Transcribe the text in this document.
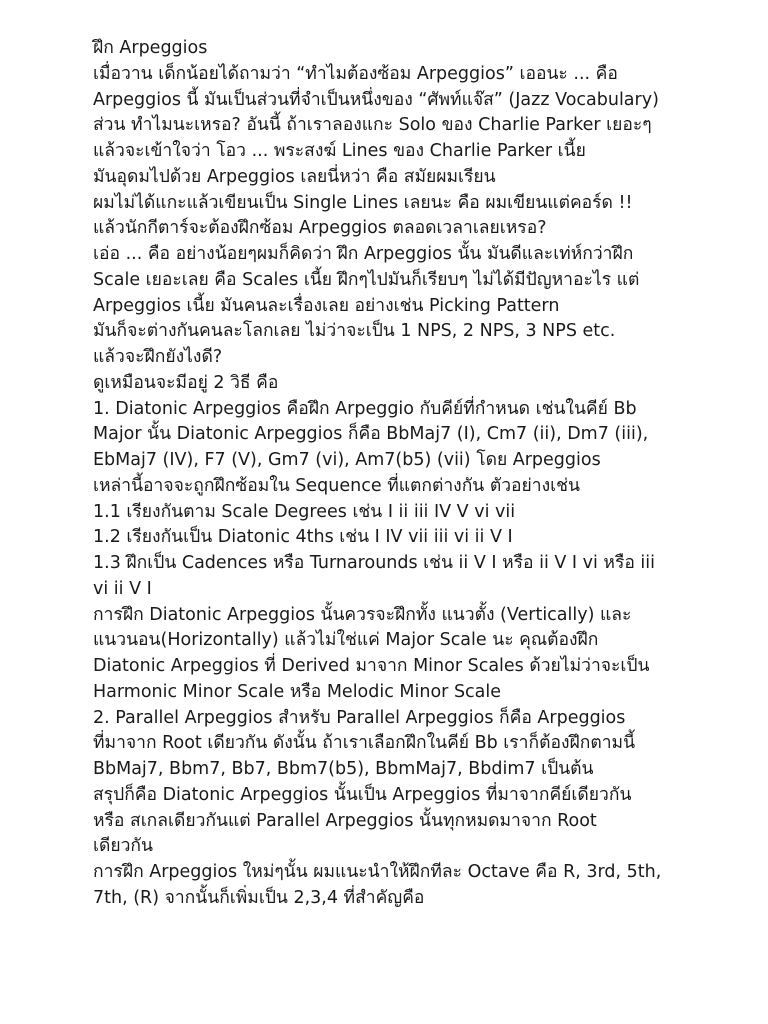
ฝึก Arpeggios
เมื่อวาน เด็กน้อยได้ถามว่า “ทำไมต้องซ้อม Arpeggios” เออนะ ... คือ
Arpeggios นี้ มันเป็นส่วนที่จำเป็นหนึ่งของ “ศัพท์แจ๊ส” (Jazz Vocabulary)
ส่วน ทำไมนะเหรอ? อันนี้ ถ้าเราลองแกะ Solo ของ Charlie Parker เยอะๆ
แล้วจะเข้าใจว่า โอว ... พระสงฆ์ Lines ของ Charlie Parker เนี้ย
มันอุดมไปด้วย Arpeggios เลยนี่หว่า คือ สมัยผมเรียน
ผมไม่ได้แกะแล้วเขียนเป็น Single Lines เลยนะ คือ ผมเขียนแต่คอร์ด !!
แล้วนักกีตาร์จะต้องฝึกซ้อม Arpeggios ตลอดเวลาเลยเหรอ?
เอ่อ ... คือ อย่างน้อยๆผมก็คิดว่า ฝึก Arpeggios นั้น มันดีและเท่ห์กว่าฝึก
Scale เยอะเลย คือ Scales เนี้ย ฝึกๆไปมันก็เรียบๆ ไม่ได้มีปัญหาอะไร แต่
Arpeggios เนี้ย มันคนละเรื่องเลย อย่างเช่น Picking Pattern
มันก็จะต่างกันคนละโลกเลย ไม่ว่าจะเป็น 1 NPS, 2 NPS, 3 NPS etc.
แล้วจะฝึกยังไงดี?
ดูเหมือนจะมีอยู่ 2 วิธี คือ
1. Diatonic Arpeggios คือฝึก Arpeggio กับคีย์ที่กำหนด เช่นในคีย์ Bb
Major นั้น Diatonic Arpeggios ก็คือ BbMaj7 (I), Cm7 (ii), Dm7 (iii),
EbMaj7 (IV), F7 (V), Gm7 (vi), Am7(b5) (vii) โดย Arpeggios
เหล่านี้อาจจะถูกฝึกซ้อมใน Sequence ที่แตกต่างกัน ตัวอย่างเช่น
1.1 เรียงกันตาม Scale Degrees เช่น I ii iii IV V vi vii
1.2 เรียงกันเป็น Diatonic 4ths เช่น I IV vii iii vi ii V I
1.3 ฝึกเป็น Cadences หรือ Turnarounds เช่น ii V I หรือ ii V I vi หรือ iii
vi ii V I
การฝึก Diatonic Arpeggios นั้นควรจะฝึกทั้ง แนวตั้ง (Vertically) และ
แนวนอน(Horizontally) แล้วไม่ใช่แค่ Major Scale นะ คุณต้องฝึก
Diatonic Arpeggios ที่ Derived มาจาก Minor Scales ด้วยไม่ว่าจะเป็น
Harmonic Minor Scale หรือ Melodic Minor Scale
2. Parallel Arpeggios สำหรับ Parallel Arpeggios ก็คือ Arpeggios
ที่มาจาก Root เดียวกัน ดังนั้น ถ้าเราเลือกฝึกในคีย์ Bb เราก็ต้องฝึกตามนี้
BbMaj7, Bbm7, Bb7, Bbm7(b5), BbmMaj7, Bbdim7 เป็นต้น
สรุปก็คือ Diatonic Arpeggios นั้นเป็น Arpeggios ที่มาจากคีย์เดียวกัน
หรือ สเกลเดียวกันแต่ Parallel Arpeggios นั้นทุกหมดมาจาก Root
เดียวกัน
การฝึก Arpeggios ใหม่ๆนั้น ผมแนะนำให้ฝึกทีละ Octave คือ R, 3rd, 5th,
7th, (R) จากนั้นก็เพิ่มเป็น 2,3,4 ที่สำคัญคือ
